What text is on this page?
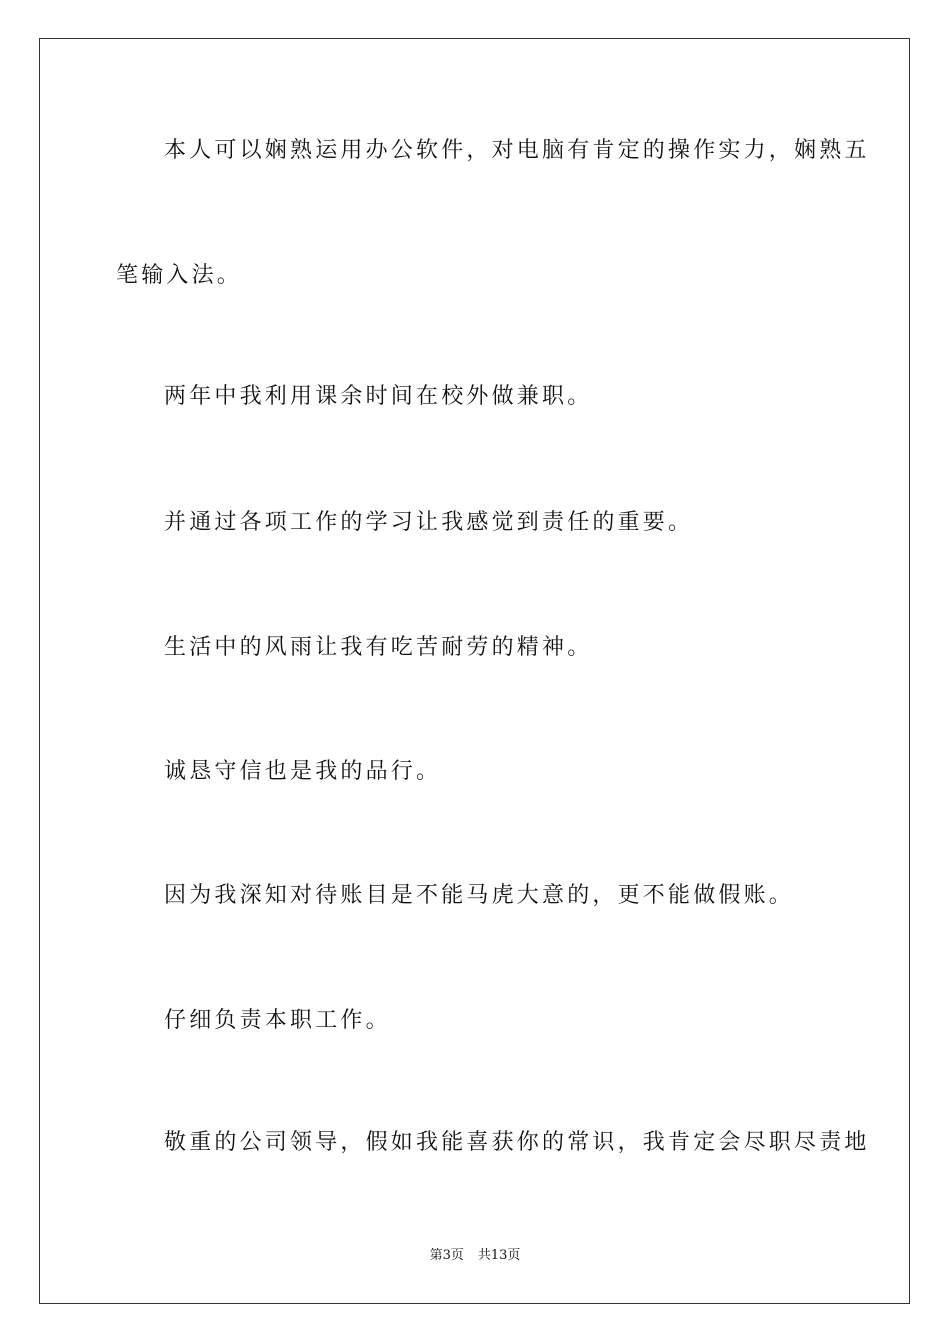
本人可以娴熟运用办公软件，对电脑有肯定的操作实力，娴熟五
笔输入法。
两年中我利用课余时间在校外做兼职。
并通过各项工作的学习让我感觉到责任的重要。
生活中的风雨让我有吃苦耐劳的精神。
诚恳守信也是我的品行。
因为我深知对待账目是不能马虎大意的，更不能做假账。
仔细负责本职工作。
敬重的公司领导，假如我能喜获你的常识，我肯定会尽职尽责地
第3页 共13页
